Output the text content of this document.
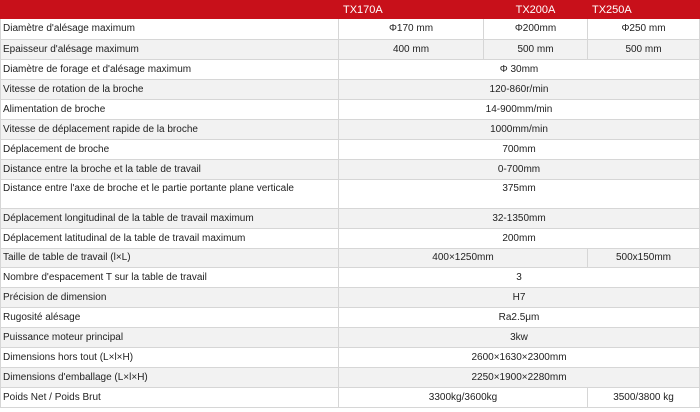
	TX170A	TX200A	TX250A
Diamètre d'alésage maximum	Φ170 mm	Φ200mm	Φ250 mm
Epaisseur d'alésage maximum	400 mm	500 mm	500 mm
Diamètre de forage et d'alésage maximum	Φ 30mm		
Vitesse de rotation de la broche	120-860r/min		
Alimentation de broche	14-900mm/min		
Vitesse de déplacement rapide de la broche	1000mm/min		
Déplacement de broche	700mm		
Distance entre la broche et la table de travail	0-700mm		
Distance entre l'axe de broche et le partie portante plane verticale	375mm		
Déplacement longitudinal de la table de travail maximum	32-1350mm		
Déplacement latitudinal de la table de travail maximum	200mm		
Taille de table de travail (l×L)	400×1250mm		500x150mm
Nombre d'espacement T sur la table de travail	3		
Précision de dimension	H7		
Rugosité alésage	Ra2.5μm		
Puissance moteur principal	3kw		
Dimensions hors tout (L×l×H)	2600×1630×2300mm		
Dimensions d'emballage (L×l×H)	2250×1900×2280mm		
Poids Net / Poids Brut	3300kg/3600kg		3500/3800 kg
